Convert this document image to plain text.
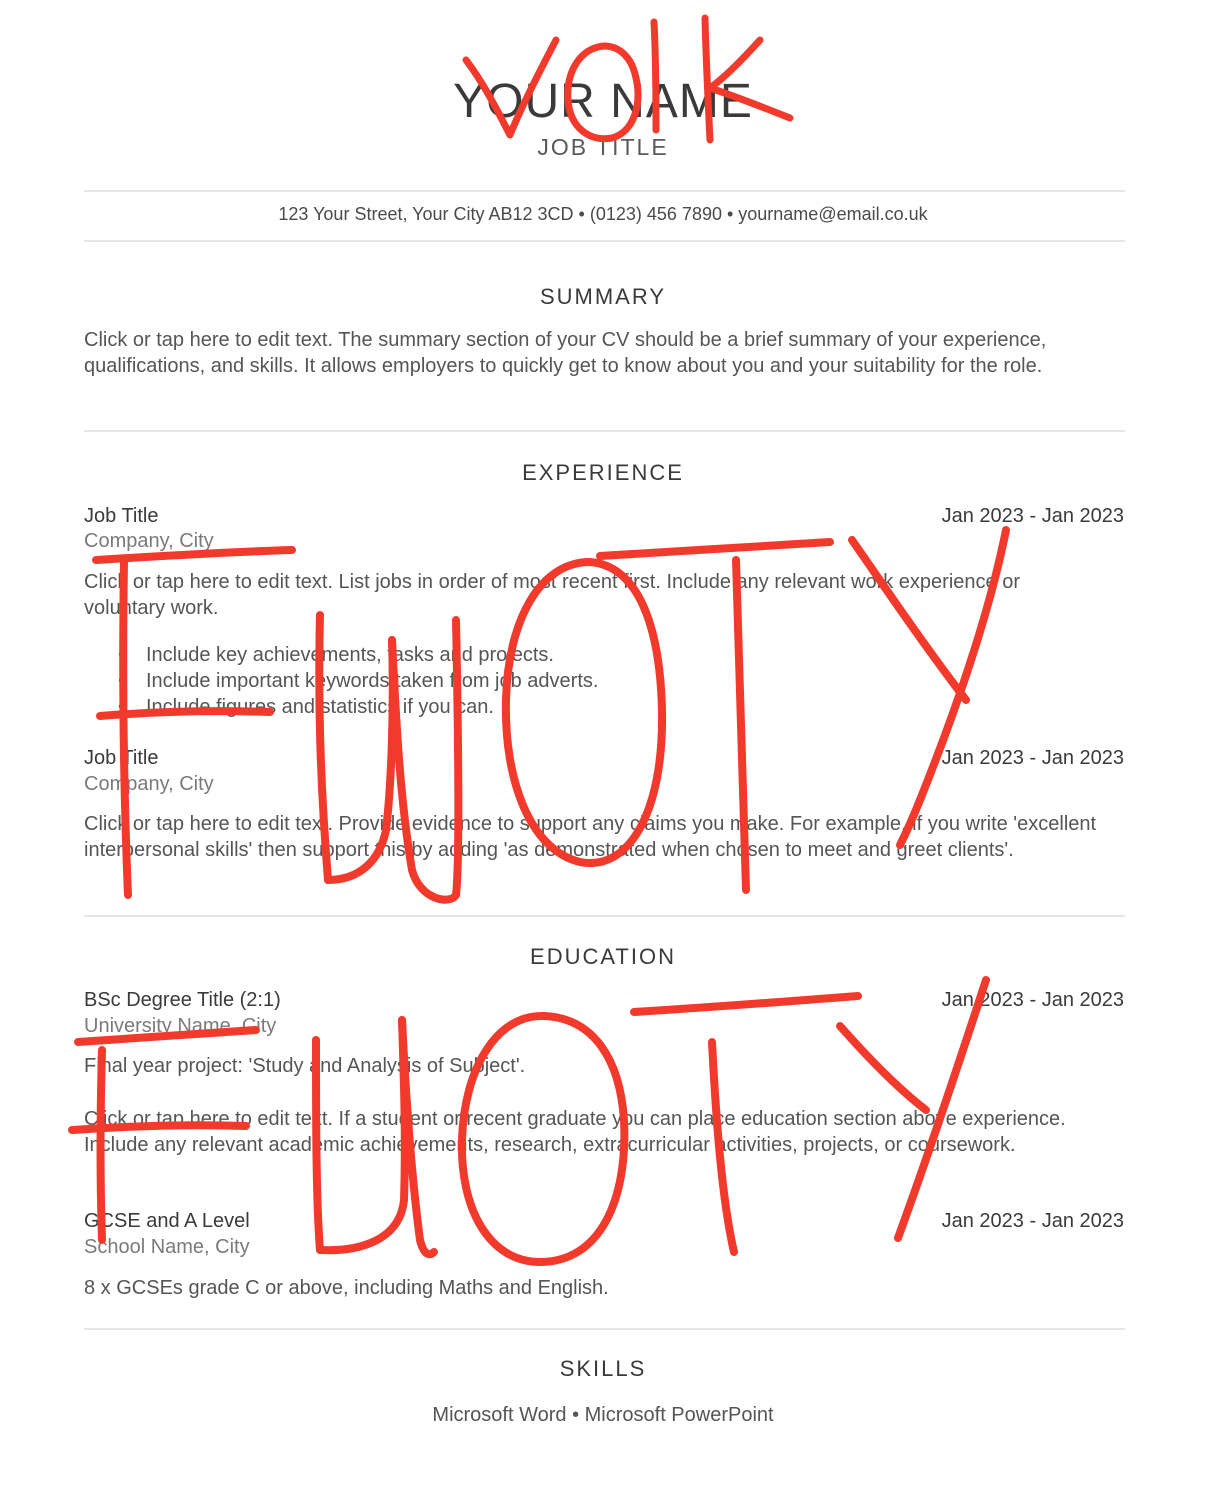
YOUR NAME
JOB TITLE
123 Your Street, Your City AB12 3CD • (0123) 456 7890 • yourname@email.co.uk
SUMMARY
Click or tap here to edit text. The summary section of your CV should be a brief summary of your experience, qualifications, and skills. It allows employers to quickly get to know about you and your suitability for the role.
EXPERIENCE
Job Title	Jan 2023 - Jan 2023
Company, City
Click or tap here to edit text. List jobs in order of most recent first. Include any relevant work experience or voluntary work.
• Include key achievements, tasks and projects.
• Include important keywords taken from job adverts.
• Include figures and statistics if you can.
Job Title	Jan 2023 - Jan 2023
Company, City
Click or tap here to edit text. Provide evidence to support any claims you make. For example, if you write 'excellent interpersonal skills' then support this by adding 'as demonstrated when chosen to meet and greet clients'.
EDUCATION
BSc Degree Title (2:1)	Jan 2023 - Jan 2023
University Name, City
Final year project: 'Study and Analysis of Subject'.
Click or tap here to edit text. If a student or recent graduate you can place education section above experience. Include any relevant academic achievements, research, extracurricular activities, projects, or coursework.
GCSE and A Level	Jan 2023 - Jan 2023
School Name, City
8 x GCSEs grade C or above, including Maths and English.
SKILLS
Microsoft Word • Microsoft PowerPoint
